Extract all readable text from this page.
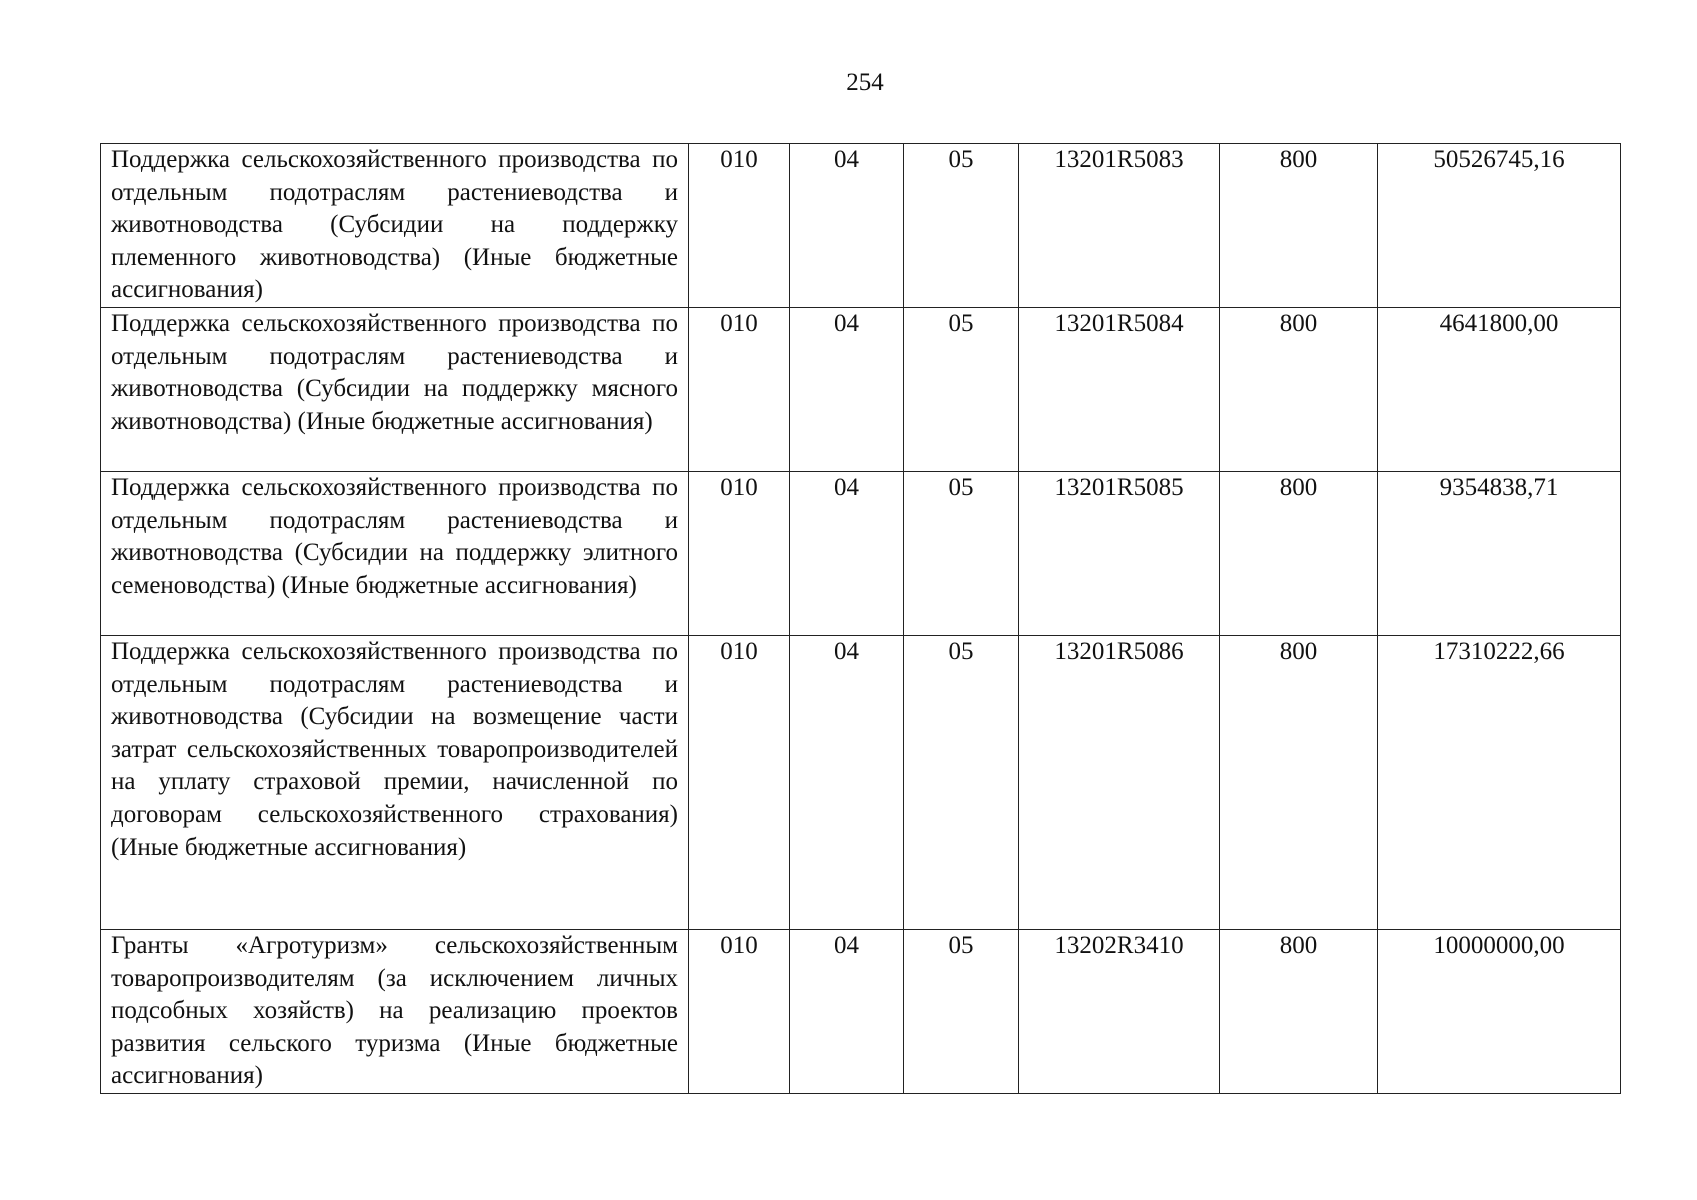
254
Поддержка сельскохозяйственного производства по отдельным подотраслям растениеводства и животноводства (Субсидии на поддержку племенного животноводства) (Иные бюджетные ассигнования)	010	04	05	13201R5083	800	50526745,16
Поддержка сельскохозяйственного производства по отдельным подотраслям растениеводства и животноводства (Субсидии на поддержку мясного животноводства) (Иные бюджетные ассигнования)	010	04	05	13201R5084	800	4641800,00
Поддержка сельскохозяйственного производства по отдельным подотраслям растениеводства и животноводства (Субсидии на поддержку элитного семеноводства) (Иные бюджетные ассигнования)	010	04	05	13201R5085	800	9354838,71
Поддержка сельскохозяйственного производства по отдельным подотраслям растениеводства и животноводства (Субсидии на возмещение части затрат сельскохозяйственных товаропроизводителей на уплату страховой премии, начисленной по договорам сельскохозяйственного страхования) (Иные бюджетные ассигнования)	010	04	05	13201R5086	800	17310222,66
Гранты «Агротуризм» сельскохозяйственным товаропроизводителям (за исключением личных подсобных хозяйств) на реализацию проектов развития сельского туризма (Иные бюджетные ассигнования)	010	04	05	13202R3410	800	10000000,00
